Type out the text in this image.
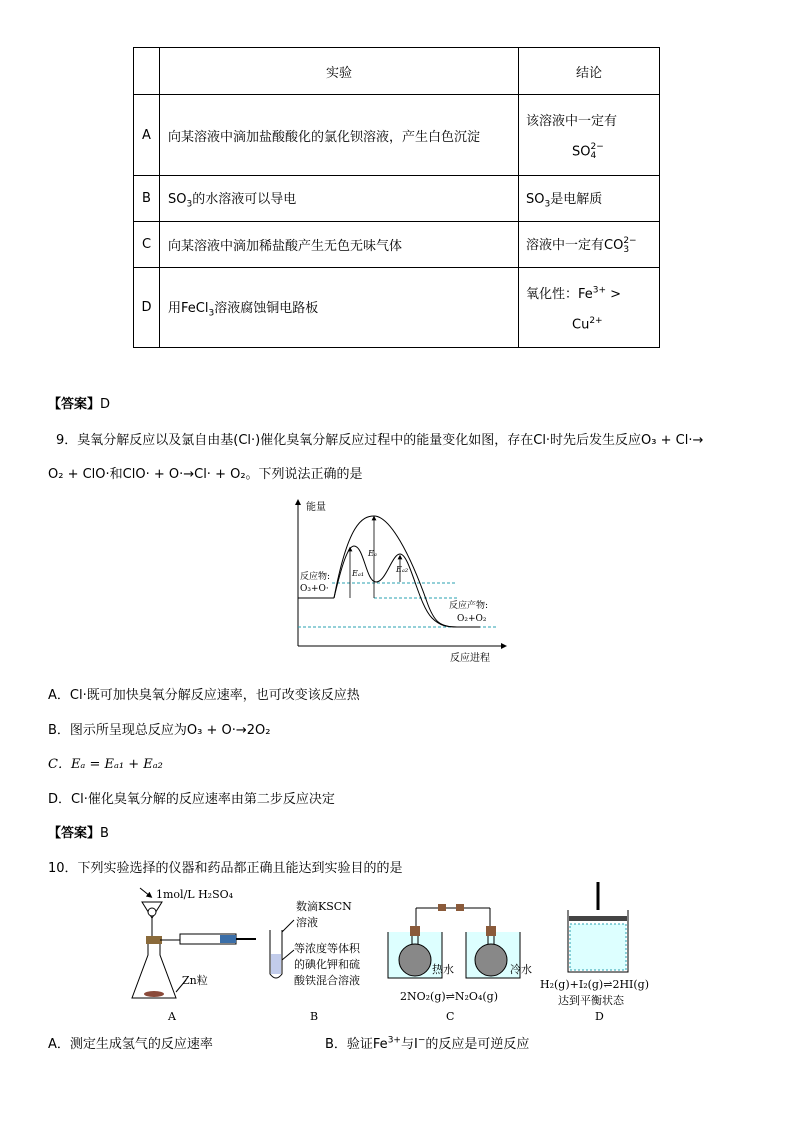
	实验	结论
A	向某溶液中滴加盐酸酸化的氯化钡溶液，产生白色沉淀	该溶液中一定有
SO 2−
4

B	$SO_3$的水溶液可以导电	$SO_3$是电解质
C	向某溶液中滴加稀盐酸产生无色无味气体	溶液中一定有CO 2−
3

D	用FeCl$_3$溶液腐蚀铜电路板	氧化性：$Fe^{3+}$ >
$Cu^{2+}$
【答案】D
9．臭氧分解反应以及氯自由基(Cl·)催化臭氧分解反应过程中的能量变化如图，存在Cl·时先后发生反应O₃ + Cl·→
O₂ + ClO·和ClO· + O·→Cl· + O₂。下列说法正确的是
能量
反应进程
Eₐ
Eₐ₁	Eₐ₂
反应物:
O₃+O·
反应产物:
O₂+O₂
A．Cl·既可加快臭氧分解反应速率，也可改变该反应热
B．图示所呈现总反应为O₃ + O·→2O₂
C．Eₐ = Eₐ₁ + Eₐ₂
D．Cl·催化臭氧分解的反应速率由第二步反应决定
【答案】B
10．下列实验选择的仪器和药品都正确且能达到实验目的的是
1mol/L H₂SO₄
Zn粒
A
数滴KSCN
溶液
等浓度等体积
的碘化钾和硫
酸铁混合溶液
B
热水	冷水
2NO₂(g)⇌N₂O₄(g)
C
H₂(g)+I₂(g)⇌2HI(g)
达到平衡状态
D
A．测定生成氢气的反应速率	B．验证$Fe^{3+}$与I−的反应是可逆反应
